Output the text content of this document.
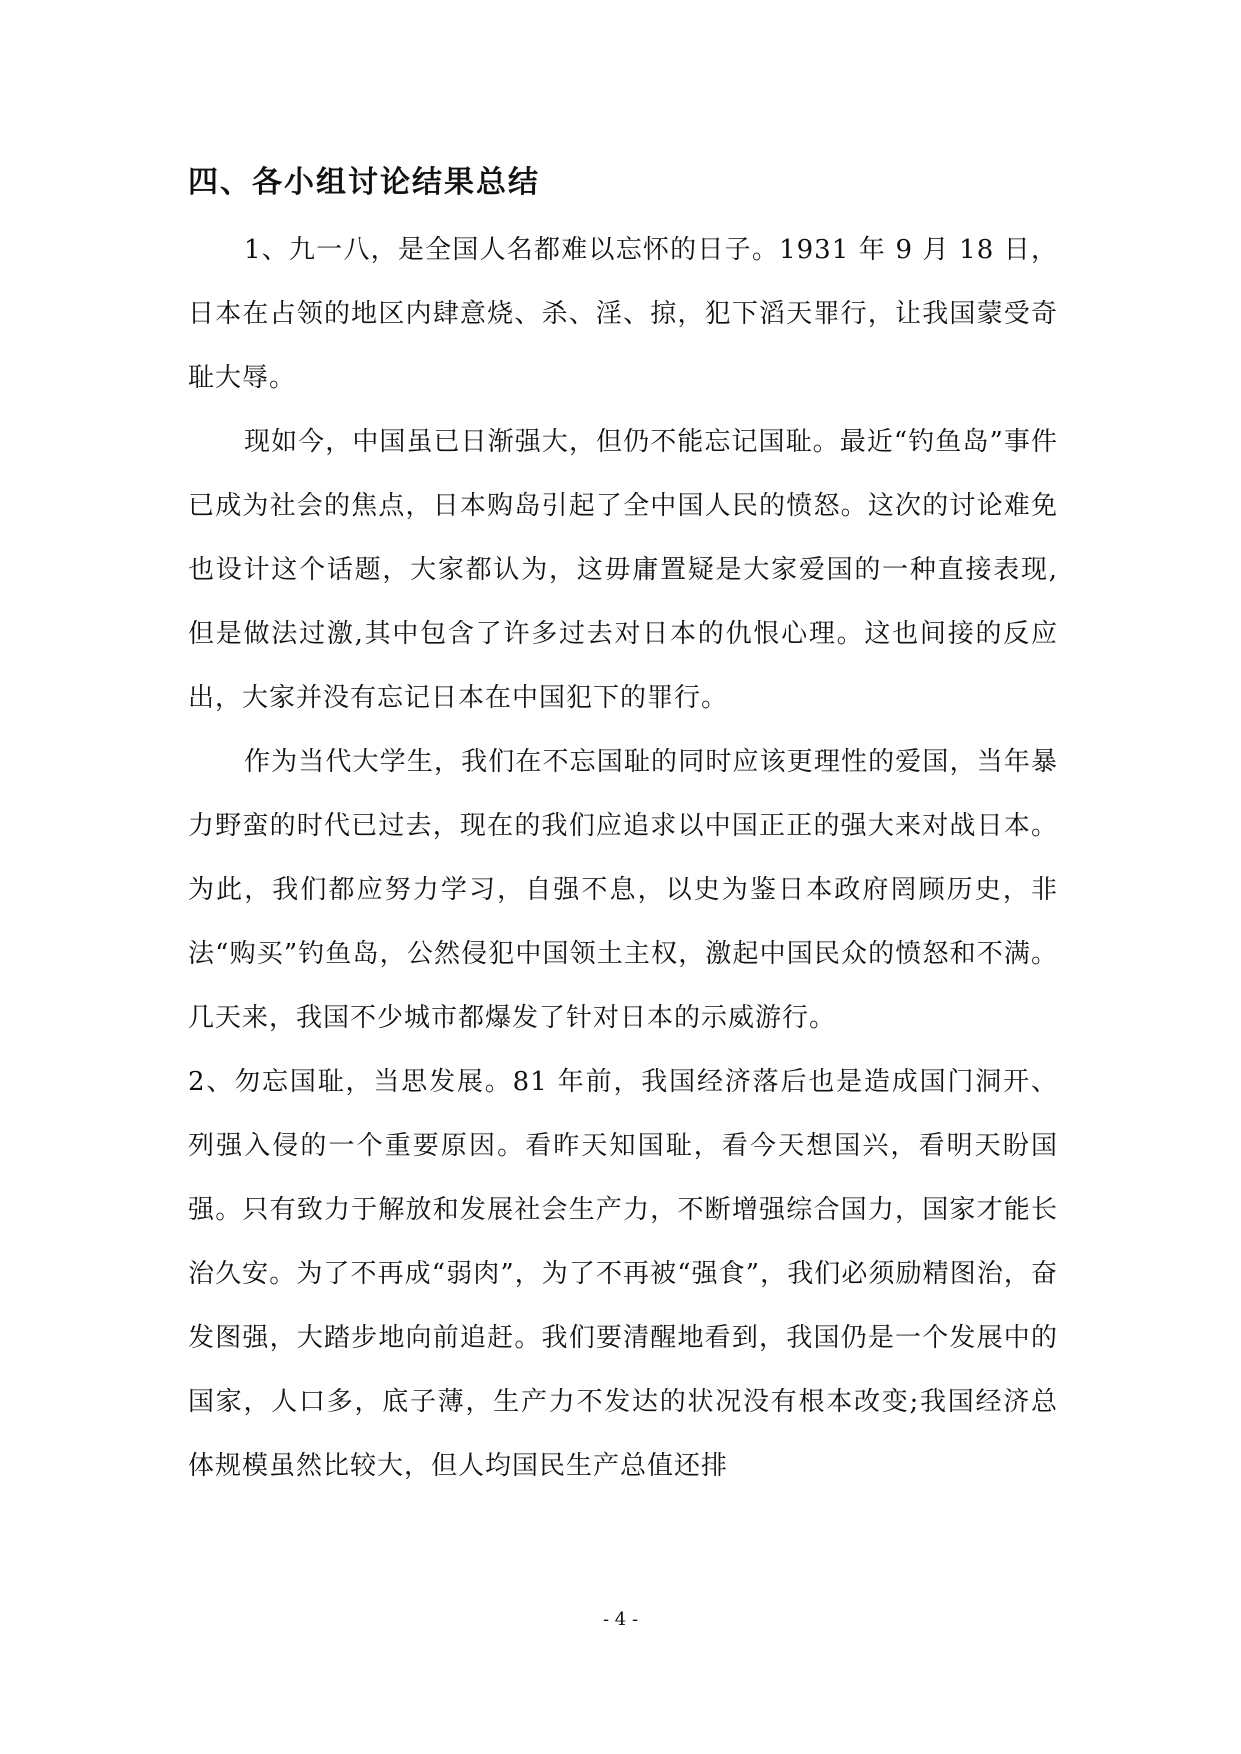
四、各小组讨论结果总结

1、九一八，是全国人名都难以忘怀的日子。1931 年 9 月 18 日，日本在占领的地区内肆意烧、杀、淫、掠，犯下滔天罪行，让我国蒙受奇耻大辱。

现如今，中国虽已日渐强大，但仍不能忘记国耻。最近“钓鱼岛”事件已成为社会的焦点，日本购岛引起了全中国人民的愤怒。这次的讨论难免也设计这个话题，大家都认为，这毋庸置疑是大家爱国的一种直接表现,但是做法过激,其中包含了许多过去对日本的仇恨心理。这也间接的反应出，大家并没有忘记日本在中国犯下的罪行。

作为当代大学生，我们在不忘国耻的同时应该更理性的爱国，当年暴力野蛮的时代已过去，现在的我们应追求以中国正正的强大来对战日本。为此，我们都应努力学习，自强不息，以史为鉴日本政府罔顾历史，非法“购买”钓鱼岛，公然侵犯中国领土主权，激起中国民众的愤怒和不满。几天来，我国不少城市都爆发了针对日本的示威游行。

2、勿忘国耻，当思发展。81 年前，我国经济落后也是造成国门洞开、列强入侵的一个重要原因。看昨天知国耻，看今天想国兴，看明天盼国强。只有致力于解放和发展社会生产力，不断增强综合国力，国家才能长治久安。为了不再成“弱肉”，为了不再被“强食”，我们必须励精图治，奋发图强，大踏步地向前追赶。我们要清醒地看到，我国仍是一个发展中的国家，人口多，底子薄，生产力不发达的状况没有根本改变;我国经济总体规模虽然比较大，但人均国民生产总值还排

- 4 -
